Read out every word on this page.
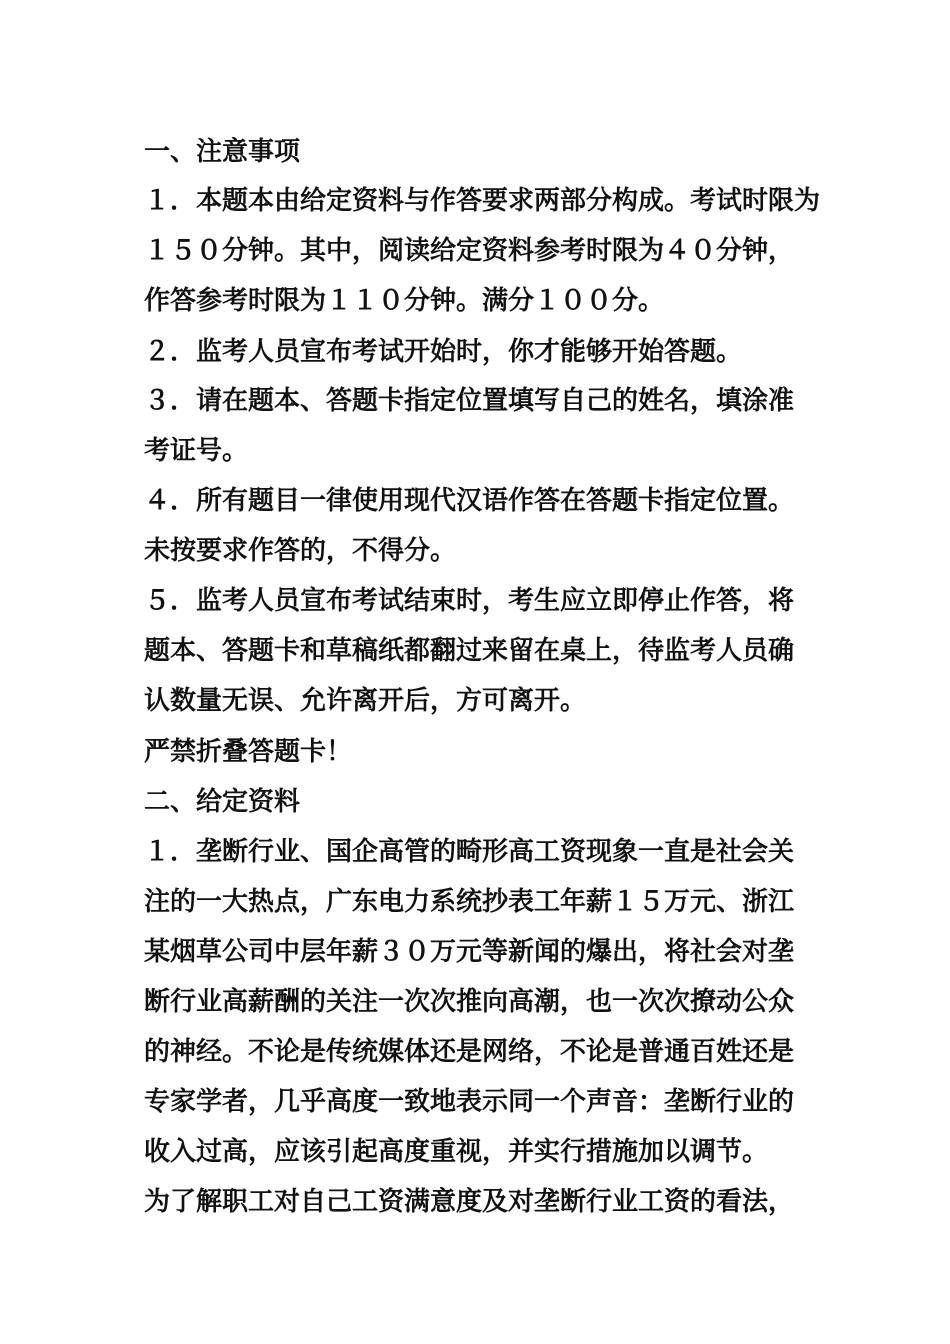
一、注意事项
１．本题本由给定资料与作答要求两部分构成。考试时限为
１５０分钟。其中，阅读给定资料参考时限为４０分钟，
作答参考时限为１１０分钟。满分１００分。
２．监考人员宣布考试开始时，你才能够开始答题。
３．请在题本、答题卡指定位置填写自己的姓名，填涂准
考证号。
４．所有题目一律使用现代汉语作答在答题卡指定位置。
未按要求作答的，不得分。
５．监考人员宣布考试结束时，考生应立即停止作答，将
题本、答题卡和草稿纸都翻过来留在桌上，待监考人员确
认数量无误、允许离开后，方可离开。
严禁折叠答题卡！
二、给定资料
１．垄断行业、国企高管的畸形高工资现象一直是社会关
注的一大热点，广东电力系统抄表工年薪１５万元、浙江
某烟草公司中层年薪３０万元等新闻的爆出，将社会对垄
断行业高薪酬的关注一次次推向高潮，也一次次撩动公众
的神经。不论是传统媒体还是网络，不论是普通百姓还是
专家学者，几乎高度一致地表示同一个声音：垄断行业的
收入过高，应该引起高度重视，并实行措施加以调节。
为了解职工对自己工资满意度及对垄断行业工资的看法，
